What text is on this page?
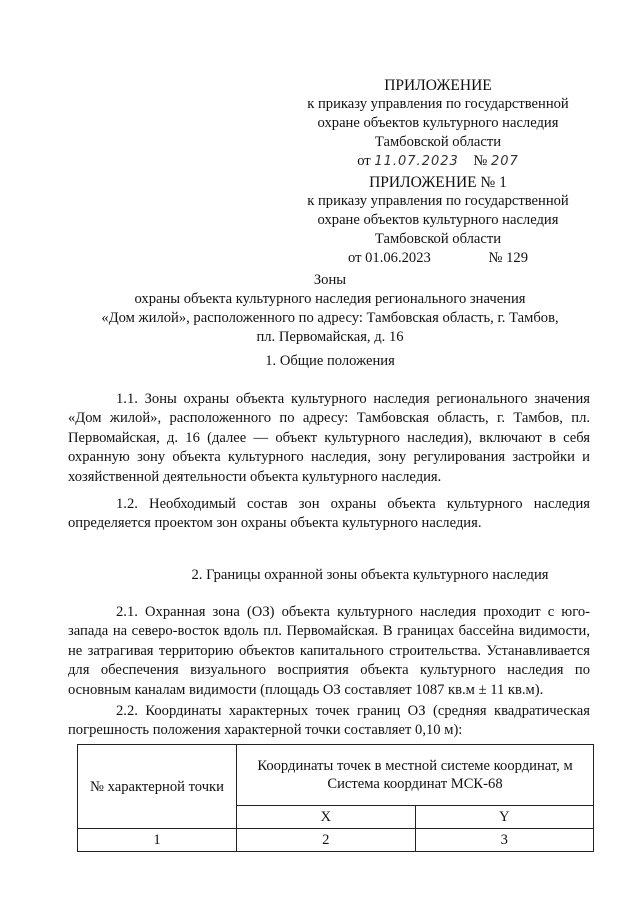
ПРИЛОЖЕНИЕ
к приказу управления по государственной
охране объектов культурного наследия
Тамбовской области
от 11.07.2023 № 207
ПРИЛОЖЕНИЕ № 1
к приказу управления по государственной
охране объектов культурного наследия
Тамбовской области
от 01.06.2023	№ 129
Зоны
охраны объекта культурного наследия регионального значения
«Дом жилой», расположенного по адресу: Тамбовская область, г. Тамбов,
пл. Первомайская, д. 16
1. Общие положения
1.1. Зоны охраны объекта культурного наследия регионального значения «Дом жилой», расположенного по адресу: Тамбовская область, г. Тамбов, пл. Первомайская, д. 16 (далее — объект культурного наследия), включают в себя охранную зону объекта культурного наследия, зону регулирования застройки и хозяйственной деятельности объекта культурного наследия.
1.2. Необходимый состав зон охраны объекта культурного наследия определяется проектом зон охраны объекта культурного наследия.
2. Границы охранной зоны объекта культурного наследия
2.1. Охранная зона (ОЗ) объекта культурного наследия проходит с юго-запада на северо-восток вдоль пл. Первомайская. В границах бассейна видимости, не затрагивая территорию объектов капитального строительства. Устанавливается для обеспечения визуального восприятия объекта культурного наследия по основным каналам видимости (площадь ОЗ составляет 1087 кв.м ± 11 кв.м).
2.2. Координаты характерных точек границ ОЗ (средняя квадратическая погрешность положения характерной точки составляет 0,10 м):
№ характерной точки	Координаты точек в местной системе координат, м
Система координат МСК-68	

	X	Y
1	2	3
